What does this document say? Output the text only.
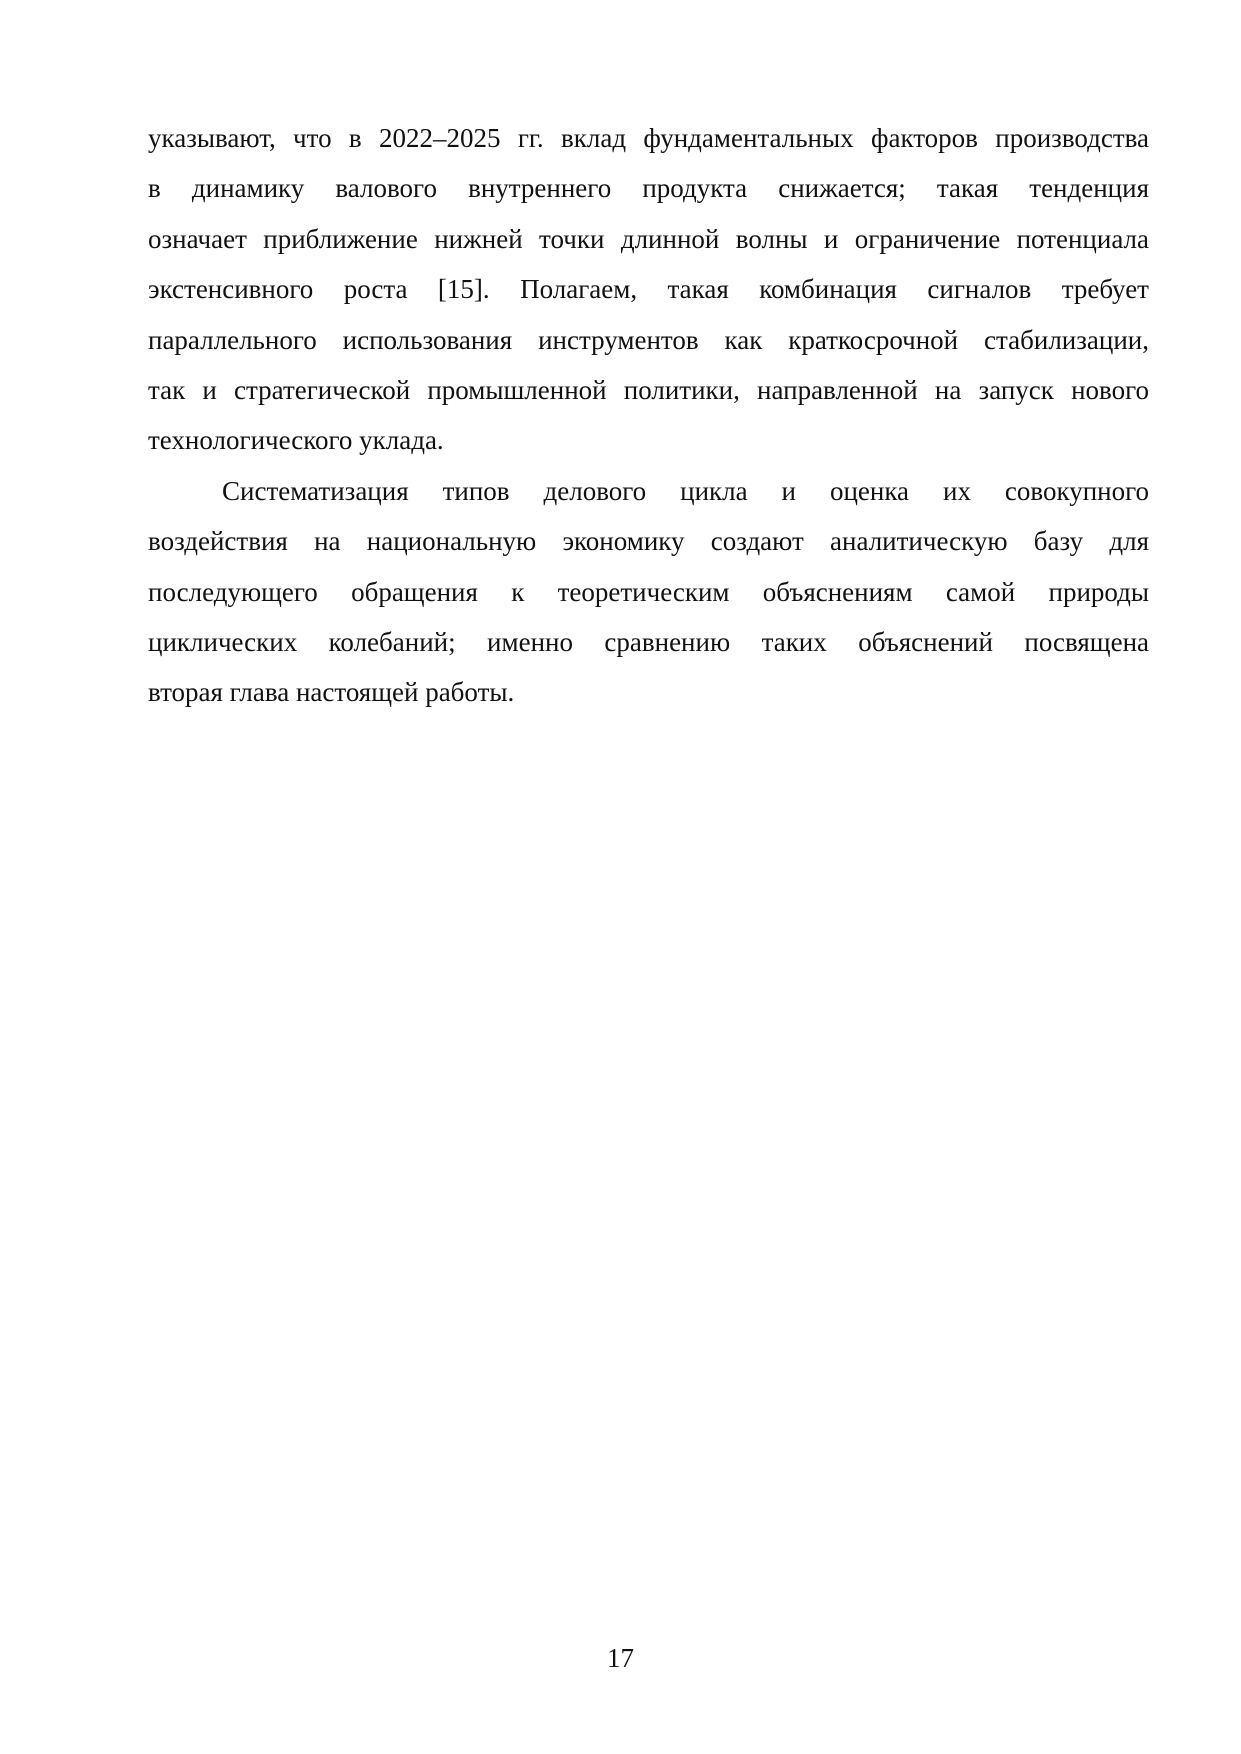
указывают, что в 2022–2025 гг. вклад фундаментальных факторов производства
в динамику валового внутреннего продукта снижается; такая тенденция
означает приближение нижней точки длинной волны и ограничение потенциала
экстенсивного роста [15]. Полагаем, такая комбинация сигналов требует
параллельного использования инструментов как краткосрочной стабилизации,
так и стратегической промышленной политики, направленной на запуск нового
технологического уклада.
Систематизация типов делового цикла и оценка их совокупного
воздействия на национальную экономику создают аналитическую базу для
последующего обращения к теоретическим объяснениям самой природы
циклических колебаний; именно сравнению таких объяснений посвящена
вторая глава настоящей работы.
17
